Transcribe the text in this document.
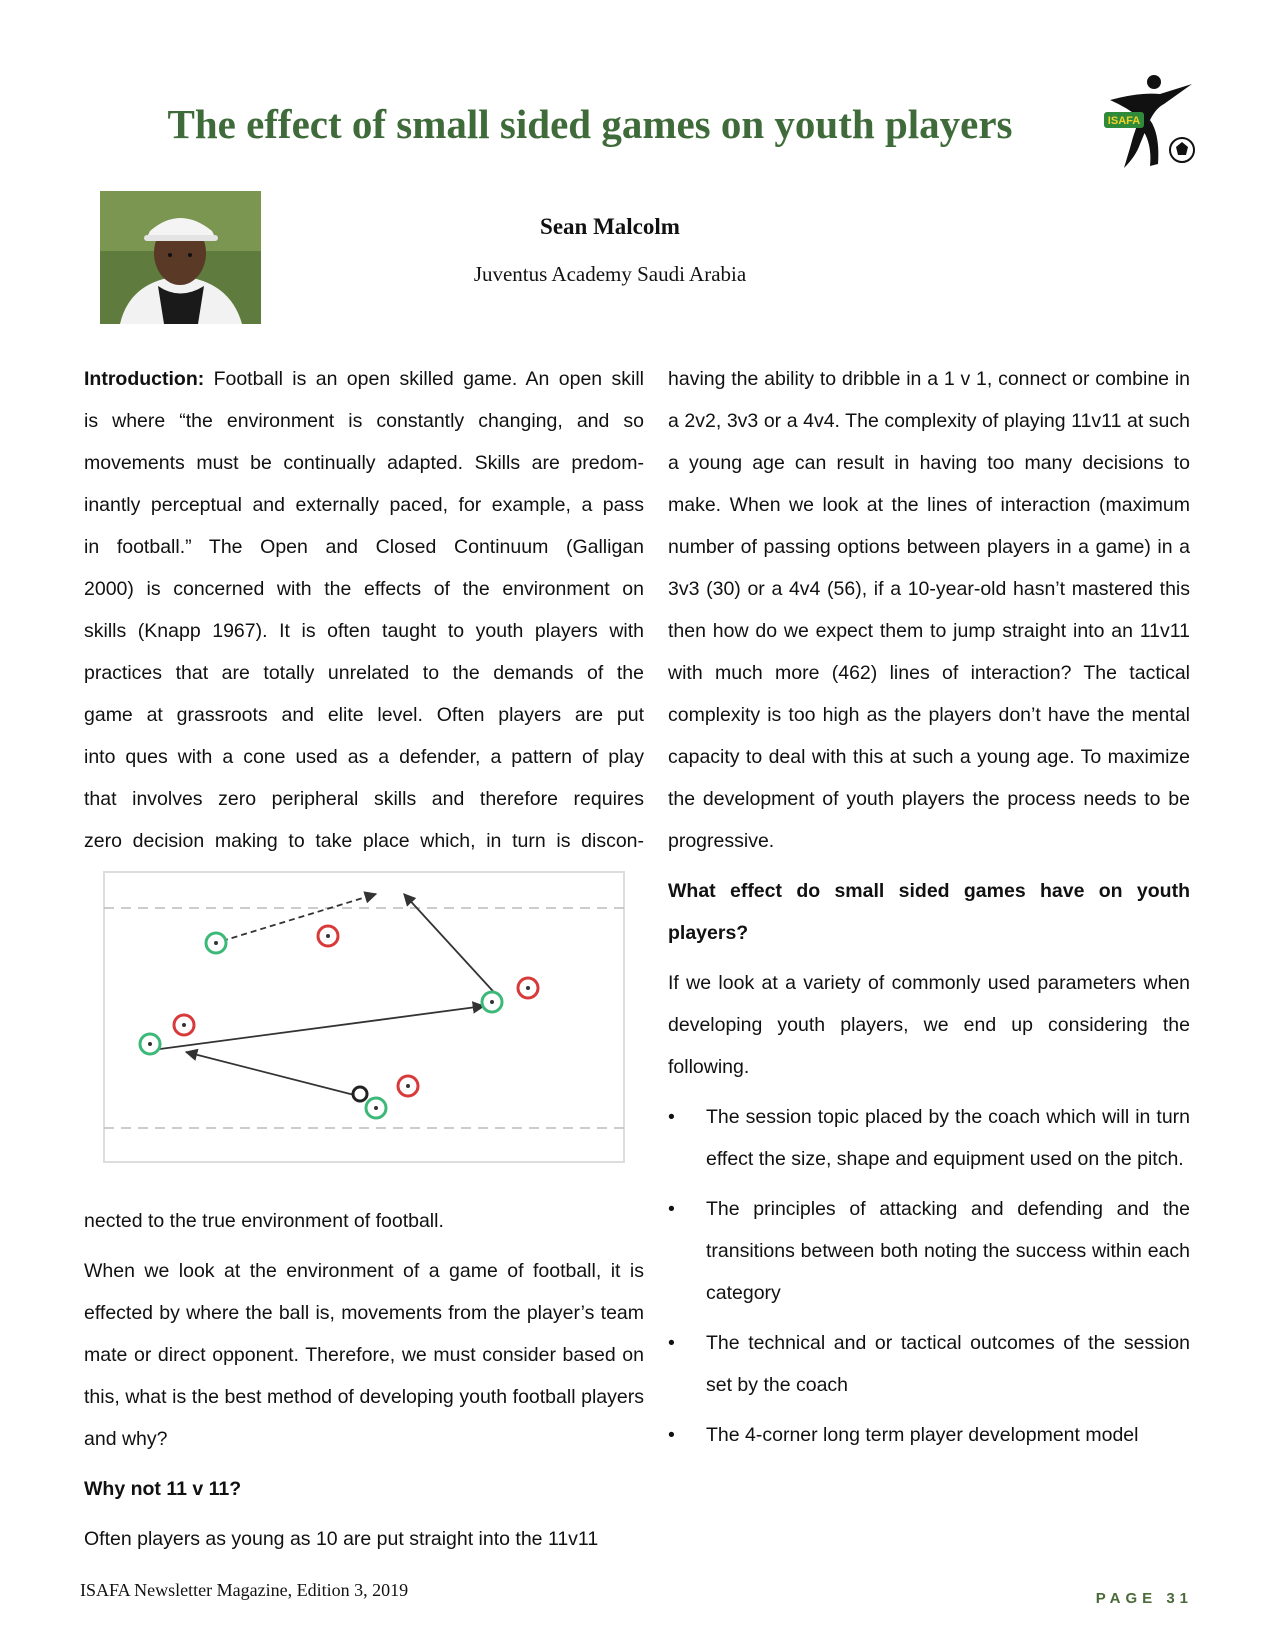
The effect of small sided games on youth players	ISAFA
Sean Malcolm
Juventus Academy Saudi Arabia

Introduction: Football is an open skilled game. An open skill

is where “the environment is constantly changing, and so

movements must be continually adapted. Skills are predom-

inantly perceptual and externally paced, for example, a pass

in football.” The Open and Closed Continuum (Galligan

2000) is concerned with the effects of the environment on

skills (Knapp 1967). It is often taught to youth players with

practices that are totally unrelated to the demands of the

game at grassroots and elite level. Often players are put

into ques with a cone used as a defender, a pattern of play

that involves zero peripheral skills and therefore requires

zero decision making to take place which, in turn is discon-

nected to the true environment of football.

When we look at the environment of a game of football, it is effected by where the ball is, movements from the player’s team mate or direct opponent. Therefore, we must consider based on this, what is the best method of developing youth football players and why?

Why not 11 v 11?

Often players as young as 10 are put straight into the 11v11

having the ability to dribble in a 1 v 1, connect or combine in a 2v2, 3v3 or a 4v4. The complexity of playing 11v11 at such a young age can result in having too many decisions to make. When we look at the lines of interaction (maximum number of passing options between players in a game) in a 3v3 (30) or a 4v4 (56), if a 10-year-old hasn’t mastered this then how do we expect them to jump straight into an 11v11 with much more (462) lines of interaction? The tactical complexity is too high as the players don’t have the mental capacity to deal with this at such a young age. To maximize the development of youth players the process needs to be progressive.

What effect do small sided games have on youth players?

If we look at a variety of commonly used parameters when developing youth players, we end up considering the following.

• The session topic placed by the coach which will in turn effect the size, shape and equipment used on the pitch.
• The principles of attacking and defending and the transitions between both noting the success within each category
• The technical and or tactical outcomes of the session set by the coach
• The 4-corner long term player development model
ISAFA Newsletter Magazine, Edition 3, 2019	PAGE 31
